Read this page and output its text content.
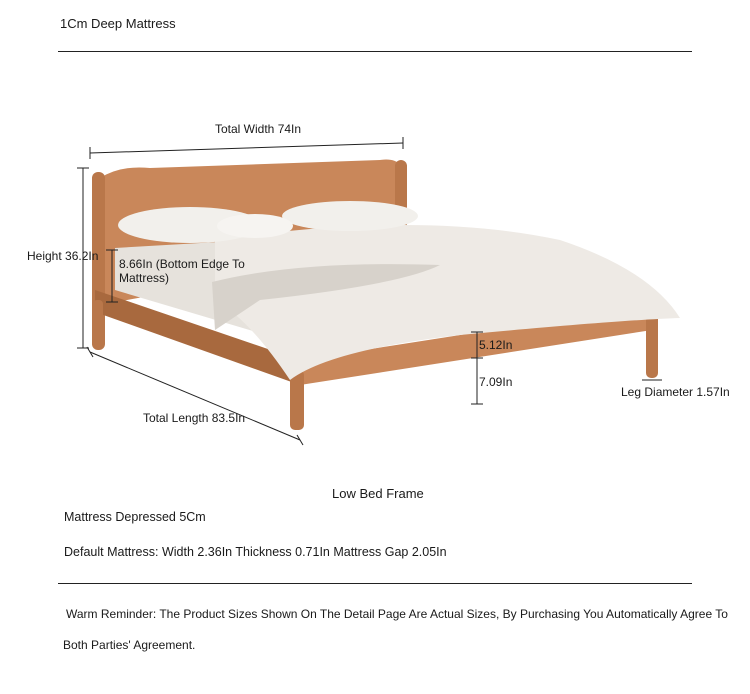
1Cm Deep Mattress
Total Width 74In
Height 36.2In
8.66In (Bottom Edge To Mattress)
5.12In
7.09In
Leg Diameter 1.57In
Total Length 83.5In
Low Bed Frame
Mattress Depressed 5Cm
Default Mattress: Width 2.36In Thickness 0.71In Mattress Gap 2.05In
Warm Reminder: The Product Sizes Shown On The Detail Page Are Actual Sizes, By Purchasing You Automatically Agree To
Both Parties' Agreement.
